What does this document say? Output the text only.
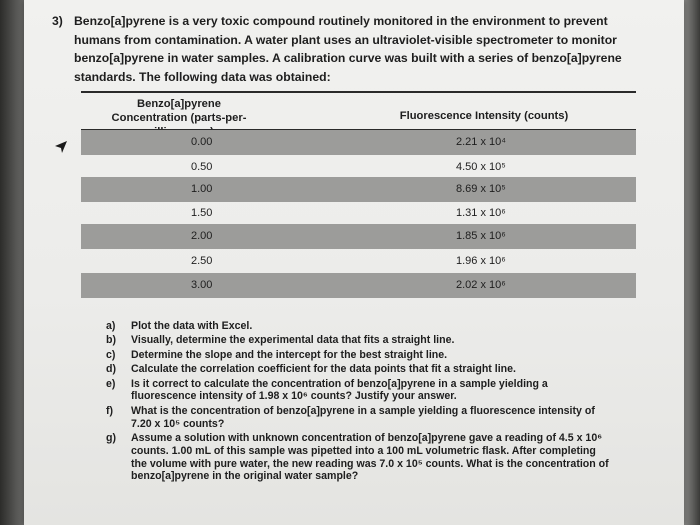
3) Benzo[a]pyrene is a very toxic compound routinely monitored in the environment to prevent humans from contamination. A water plant uses an ultraviolet-visible spectrometer to monitor benzo[a]pyrene in water samples. A calibration curve was built with a series of benzo[a]pyrene standards. The following data was obtained:
Benzo[a]pyrene Concentration (parts-per-	Fluorescence Intensity (counts)
0.00	2.21 x 10⁴
0.50	4.50 x 10⁵
1.00	8.69 x 10⁵
1.50	1.31 x 10⁶
2.00	1.85 x 10⁶
2.50	1.96 x 10⁶
3.00	2.02 x 10⁶
a) Plot the data with Excel.
b) Visually, determine the experimental data that fits a straight line.
c) Determine the slope and the intercept for the best straight line.
d) Calculate the correlation coefficient for the data points that fit a straight line.
e) Is it correct to calculate the concentration of benzo[a]pyrene in a sample yielding a fluorescence intensity of 1.98 x 10⁶ counts? Justify your answer.
f) What is the concentration of benzo[a]pyrene in a sample yielding a fluorescence intensity of 7.20 x 10⁵ counts?
g) Assume a solution with unknown concentration of benzo[a]pyrene gave a reading of 4.5 x 10⁶ counts. 1.00 mL of this sample was pipetted into a 100 mL volumetric flask. After completing the volume with pure water, the new reading was 7.0 x 10⁵ counts. What is the concentration of benzo[a]pyrene in the original water sample?
